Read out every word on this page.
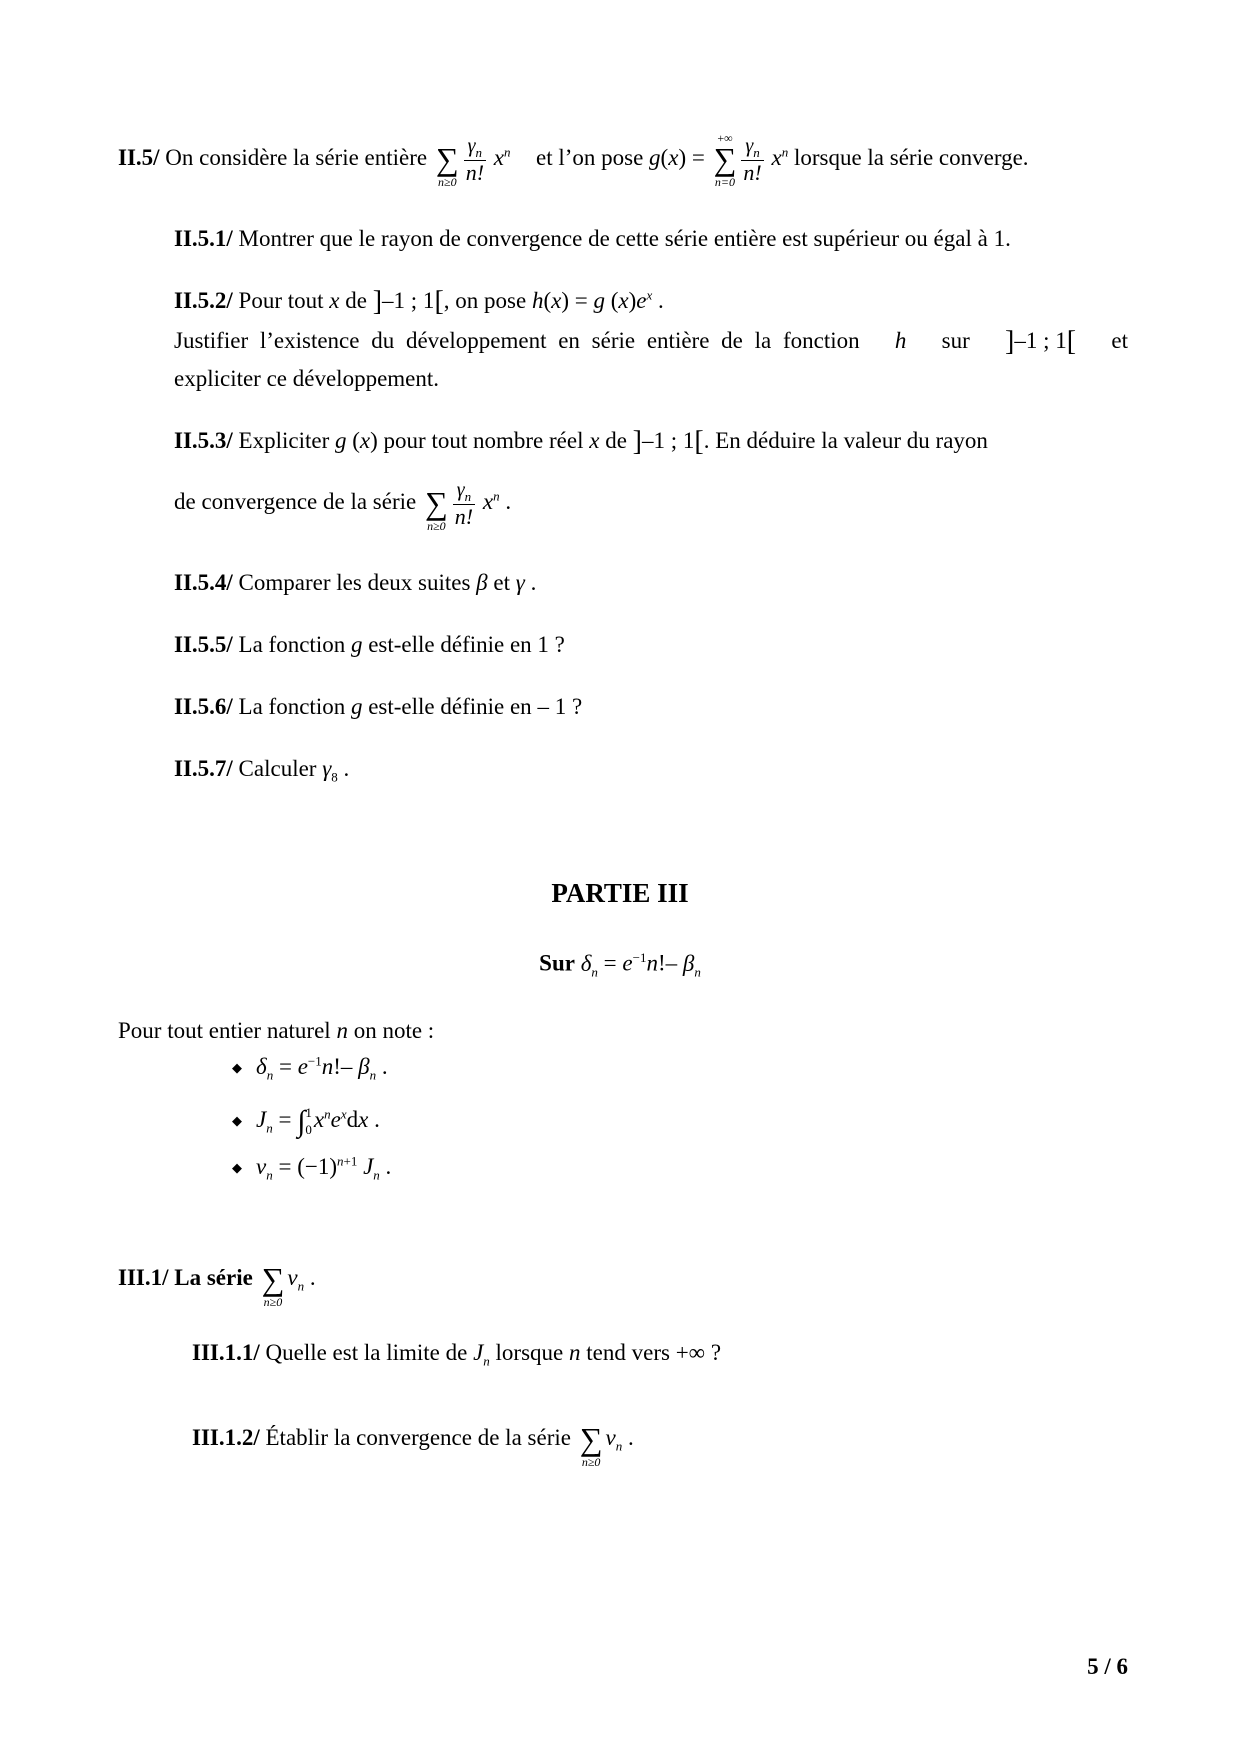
II.5/ On considère la série entière ∑
$n\ge 0 \frac{\gamma_n}{n!} x^n$ et l’on pose g(x) =
+∞
∑
$n=0 \frac{\gamma_n}{n!} x^n$ lorsque la série converge.
II.5.1/ Montrer que le rayon de convergence de cette série entière est supérieur ou égal à 1.
II.5.2/ Pour tout x de ]–1 ; 1[, on pose h(x) = g $(x)e^x$ .
Justifier l’existence du développement en série entière de la fonction h sur ]–1 ; 1[ et
expliciter ce développement.
II.5.3/ Expliciter g (x) pour tout nombre réel x de ]–1 ; 1[. En déduire la valeur du rayon
de convergence de la série ∑
$n\ge 0 \frac{\gamma_n}{n!} x^n$ .
II.5.4/ Comparer les deux suites β et γ .
II.5.5/ La fonction g est-elle définie en 1 ?
II.5.6/ La fonction g est-elle définie en – 1 ?
II.5.7/ Calculer $\gamma_8$ .
PARTIE III
Sur $\delta_n = e^{-1}n!-$ $\beta_n$
Pour tout entier naturel n on note :
◆ $\delta_n = e^{-1}n!-$ $\beta_n$ .
◆ $J_n$ = ∫ 1
0 $x^ne^xdx$ .
◆ $v_n = (-1)^{n+1}$ $J_n$ .
III.1/ La série ∑
n≥0
$v_n$ .
III.1.1/ Quelle est la limite de $J_n$ lorsque n tend vers +∞ ?
III.1.2/ Établir la convergence de la série ∑
n≥0
$v_n$ .
5 / 6
